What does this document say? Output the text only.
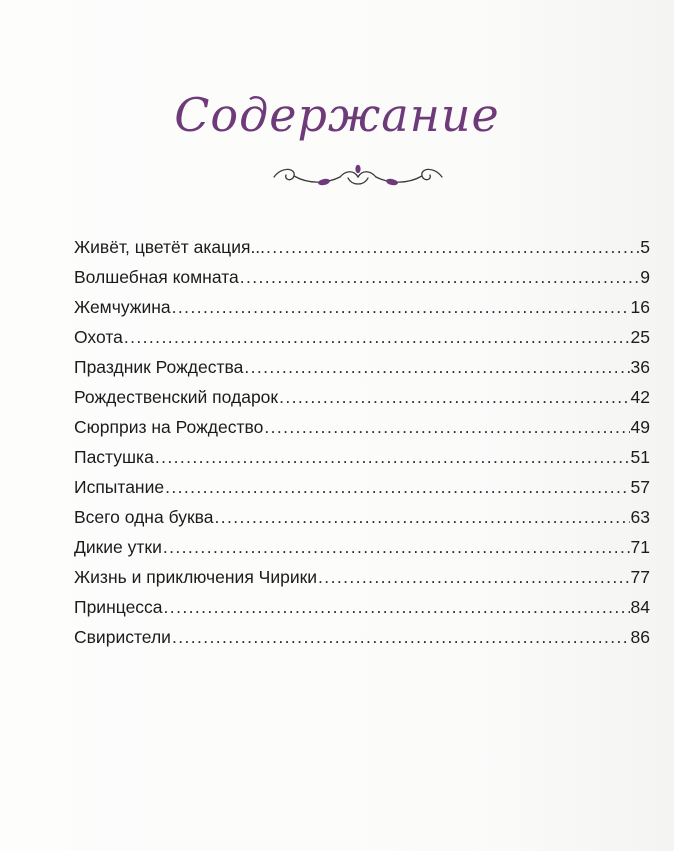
Содержание
Живёт, цветёт акация... .....	5
Волшебная комната .....	9
Жемчужина .....	16
Охота .....	25
Праздник Рождества .....	36
Рождественский подарок .....	42
Сюрприз на Рождество .....	49
Пастушка .....	51
Испытание .....	57
Всего одна буква .....	63
Дикие утки .....	71
Жизнь и приключения Чирики .....	77
Принцесса .....	84
Свиристели .....	86
